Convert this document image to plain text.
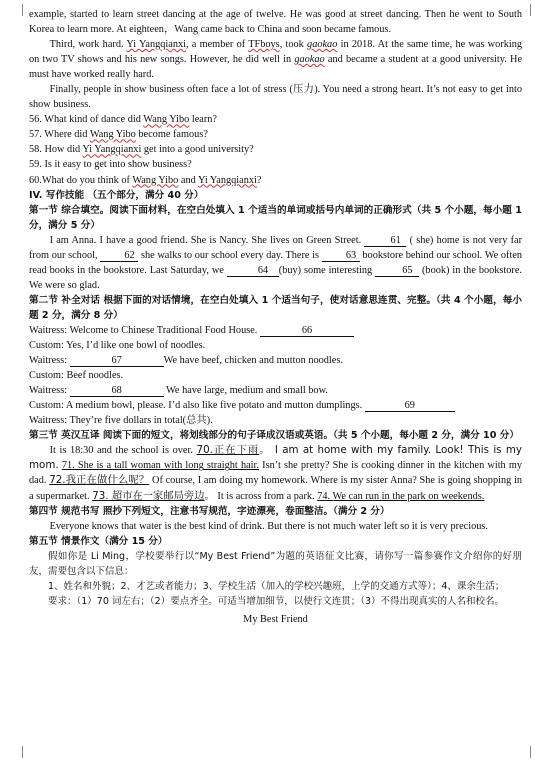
example, started to learn street dancing at the age of twelve. He was good at street dancing. Then he went to South Korea to learn more. At eighteen，Wang came back to China and soon became famous.

Third, work hard. Yi Yangqianxi, a member of TFboys, took gaokao in 2018. At the same time, he was working on two TV shows and his new songs. However, he did well in gaokao and became a student at a good university. He must have worked really hard.

Finally, people in show business often face a lot of stress (压力). You need a strong heart. It’s not easy to get into show business.

56. What kind of dance did Wang Yibo learn?

57. Where did Wang Yibo become famous?

58. How did Yi Yangqianxi get into a good university?

59. Is it easy to get into show business?

60.What do you think of Wang Yibo and Yi Yangqianxi?

IV. 写作技能 （五个部分，满分 40 分）

第一节 综合填空。阅读下面材料，在空白处填入 1 个适当的单词或括号内单词的正确形式（共 5 个小题，每小题 1 分，满分 5 分）

I am Anna. I have a good friend. She is Nancy. She lives on Green Street.	61 ( she) home is not very far from our school,	62 she walks to our school every day. There is	63 bookstore behind our school. We often read books in the bookstore. Last Saturday, we	64 (buy) some interesting	65 (book) in the bookstore. We were so glad.

第二节 补全对话 根据下面的对话情境，在空白处填入 1 个适当句子，使对话意思连贯、完整。（共 4 个小题，每小题 2 分，满分 8 分）

Waitress: Welcome to Chinese Traditional Food House.	66

Custom: Yes, I’d like one bowl of noodles.

Waitress:	67	We have beef, chicken and mutton noodles.

Custom: Beef noodles.

Waitress:	68	We have large, medium and small bow.

Custom: A medium bowl, please. I’d also like five potato and mutton dumplings.	69

Waitress: They’re five dollars in total(总共).

第三节 英汉互译 阅读下面的短文，将划线部分的句子译成汉语或英语。（共 5 个小题，每小题 2 分，满分 10 分）

It is 18:30 and the school is over. 70.正在下雨。 I am at home with my family. Look! This is my mom. 71. She is a tall woman with long straight hair. Isn’t she pretty? She is cooking dinner in the kitchen with my dad. 72.我正在做什么呢？ Of course, I am doing my homework. Where is my sister Anna? She is going shopping in a supermarket. 73. 超市在一家邮局旁边。 It is across from a park. 74. We can run in the park on weekends.

第四节 规范书写 照抄下列短文，注意书写规范，字迹漂亮，卷面整洁。（满分 2 分）

Everyone knows that water is the best kind of drink. But there is not much water left so it is very precious.

第五节 情景作文（满分 15 分）

假如你是 Li Ming，学校要举行以“My Best Friend”为题的英语征文比赛，请你写一篇参赛作文介绍你的好朋友，需要包含以下信息：

1、姓名和外貌；2、才艺或者能力；3、学校生活（加入的学校兴趣班，上学的交通方式等）；4、课余生活；

要求：（1）70 词左右；（2）要点齐全。可适当增加细节，以使行文连贯；（3）不得出现真实的人名和校名。

My Best Friend
